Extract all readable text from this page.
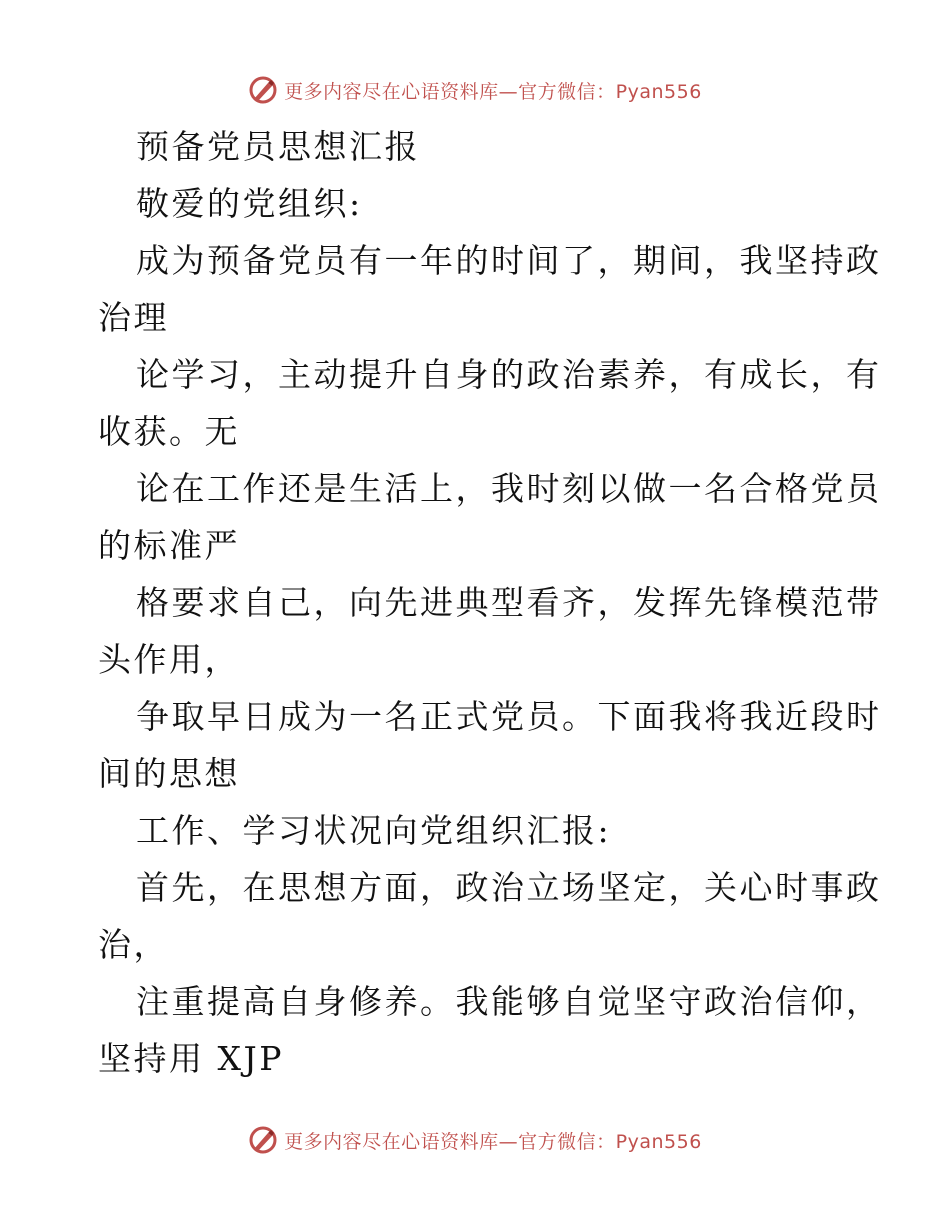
更多内容尽在心语资料库—官方微信：Pyan556
预备党员思想汇报
敬爱的党组织:
成为预备党员有一年的时间了，期间，我坚持政
治理
论学习，主动提升自身的政治素养，有成长，有
收获。无
论在工作还是生活上，我时刻以做一名合格党员
的标准严
格要求自己，向先进典型看齐，发挥先锋模范带
头作用，
争取早日成为一名正式党员。下面我将我近段时
间的思想
工作、学习状况向党组织汇报:
首先，在思想方面，政治立场坚定，关心时事政
治，
注重提高自身修养。我能够自觉坚守政治信仰，
坚持用 XJP
更多内容尽在心语资料库—官方微信：Pyan556
